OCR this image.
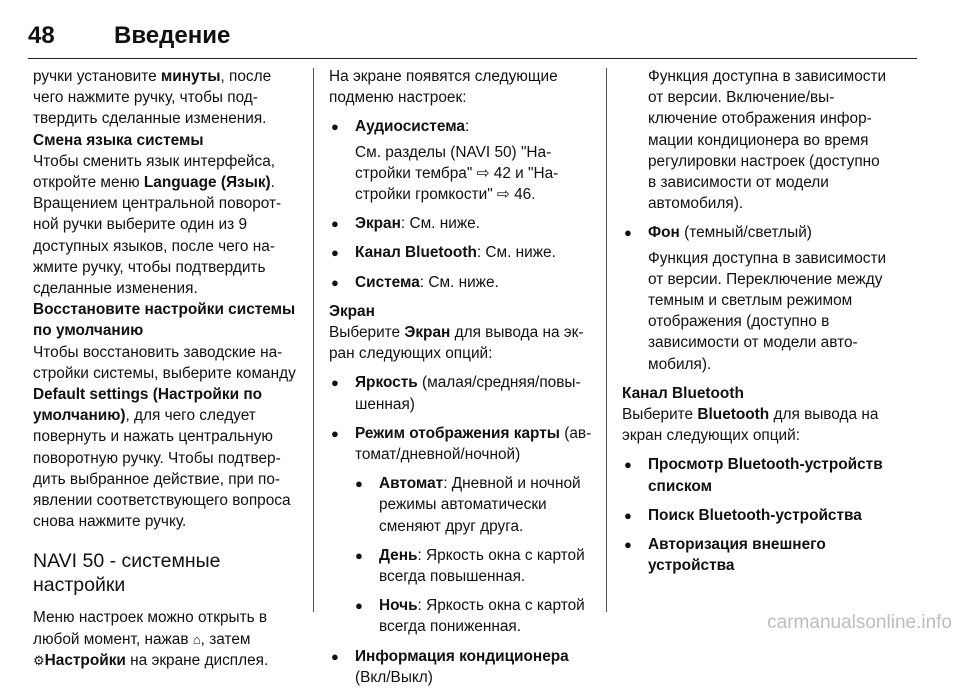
48 Введение

ручки установите минуты, после чего нажмите ручку, чтобы подтвердить сделанные изменения.

Смена языка системы

Чтобы сменить язык интерфейса, откройте меню Language (Язык). Вращением центральной поворотной ручки выберите один из 9 доступных языков, после чего нажмите ручку, чтобы подтвердить сделанные изменения.

Восстановите настройки системы по умолчанию

Чтобы восстановить заводские настройки системы, выберите команду Default settings (Настройки по умолчанию), для чего следует повернуть и нажать центральную поворотную ручку. Чтобы подтвердить выбранное действие, при появлении соответствующего вопроса снова нажмите ручку.

NAVI 50 - системные настройки

Меню настроек можно открыть в любой момент, нажав ⌂, затем
⚙Настройки на экране дисплея.

На экране появятся следующие подменю настроек:

● Аудиосистема:

См. разделы (NAVI 50) "Настройки тембра" ⇨ 42 и "Настройки громкости" ⇨ 46.

● Экран: См. ниже.
● Канал Bluetooth: См. ниже.
● Система: См. ниже.

Экран

Выберите Экран для вывода на экран следующих опций:

● Яркость (малая/средняя/повышенная)
● Режим отображения карты (автомат/дневной/ночной)
● Автомат: Дневной и ночной режимы автоматически сменяют друг друга.
● День: Яркость окна с картой всегда повышенная.
● Ночь: Яркость окна с картой всегда пониженная.
● Информация кондиционера
(Вкл/Выкл)

Функция доступна в зависимости от версии. Включение/выключение отображения информации кондиционера во время регулировки настроек (доступно в зависимости от модели автомобиля).

● Фон (темный/светлый)

Функция доступна в зависимости от версии. Переключение между темным и светлым режимом отображения (доступно в зависимости от модели автомобиля).

Канал Bluetooth

Выберите Bluetooth для вывода на экран следующих опций:

● Просмотр Bluetooth-устройств списком
● Поиск Bluetooth-устройства
● Авторизация внешнего устройства
carmanualsonline.info
